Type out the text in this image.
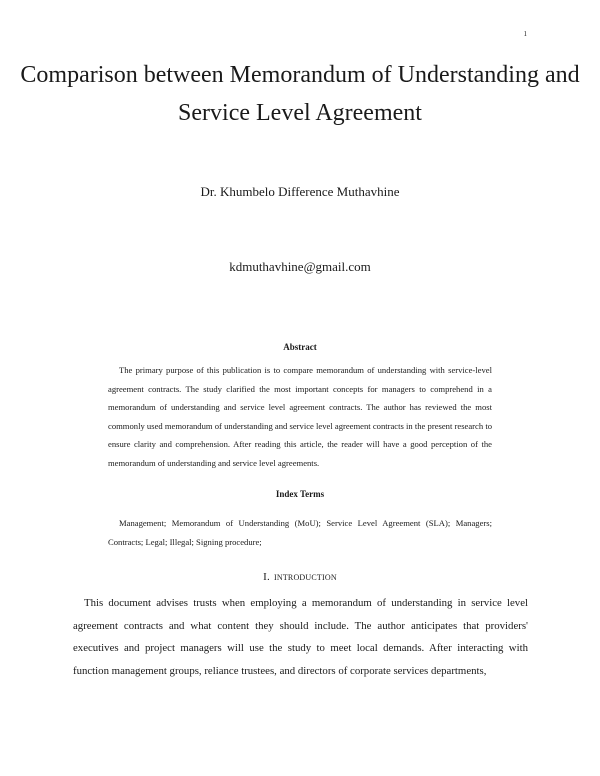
1
Comparison between Memorandum of Understanding and Service Level Agreement
Dr. Khumbelo Difference Muthavhine
kdmuthavhine@gmail.com
Abstract

The primary purpose of this publication is to compare memorandum of understanding with service-level agreement contracts. The study clarified the most important concepts for managers to comprehend in a memorandum of understanding and service level agreement contracts. The author has reviewed the most commonly used memorandum of understanding and service level agreement contracts in the present research to ensure clarity and comprehension. After reading this article, the reader will have a good perception of the memorandum of understanding and service level agreements.

Index Terms

Management; Memorandum of Understanding (MoU); Service Level Agreement (SLA); Managers; Contracts; Legal; Illegal; Signing procedure;

I. introduction

This document advises trusts when employing a memorandum of understanding in service level agreement contracts and what content they should include. The author anticipates that providers' executives and project managers will use the study to meet local demands. After interacting with function management groups, reliance trustees, and directors of corporate services departments,
